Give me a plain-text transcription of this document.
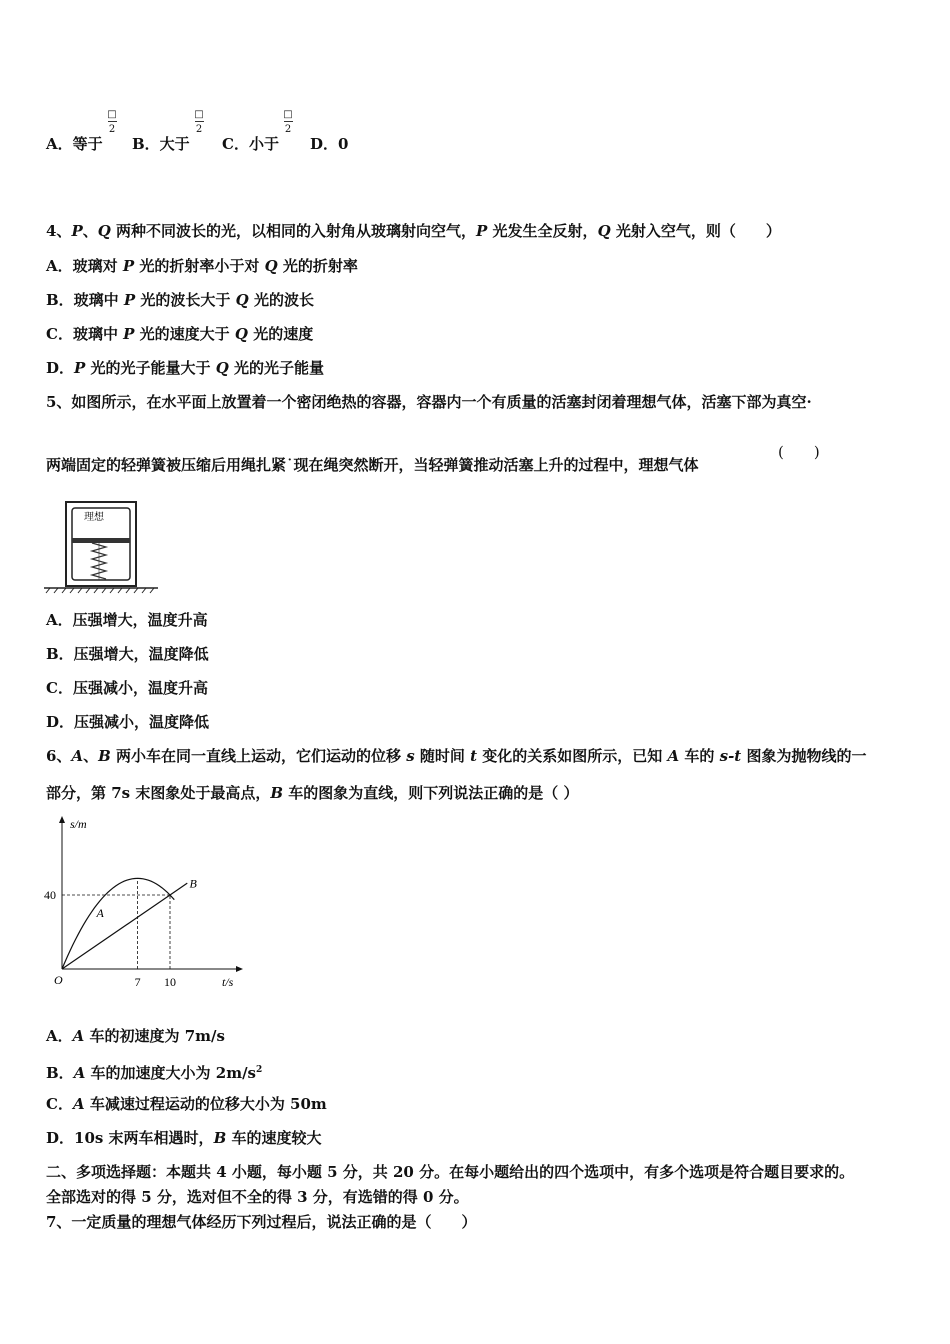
A．等于
□
2
B．大于
□
2
C．小于
□
2
D．0
4、P、Q 两种不同波长的光，以相同的入射角从玻璃射向空气，P 光发生全反射，Q 光射入空气，则（　　）
A．玻璃对 P 光的折射率小于对 Q 光的折射率
B．玻璃中 P 光的波长大于 Q 光的波长
C．玻璃中 P 光的速度大于 Q 光的速度
D．P 光的光子能量大于 Q 光的光子能量
5、如图所示，在水平面上放置着一个密闭绝热的容器，容器内一个有质量的活塞封闭着理想气体，活塞下部为真空·
两端固定的轻弹簧被压缩后用绳扎紧˙现在绳突然断开，当轻弹簧推动活塞上升的过程中，理想气体
(　　)
理想
A．压强增大，温度升高
B．压强增大，温度降低
C．压强减小，温度升高
D．压强减小，温度降低
6、A、B 两小车在同一直线上运动，它们运动的位移 s 随时间 t 变化的关系如图所示，已知 A 车的 s-t 图象为抛物线的一
部分，第 7s 末图象处于最高点，B 车的图象为直线，则下列说法正确的是（ ）
s/m
t/s
O
40
7 10
A
B
A．A 车的初速度为 7m/s
B．A 车的加速度大小为 $2m/s^2$
C．A 车减速过程运动的位移大小为 50m
D．10s 末两车相遇时，B 车的速度较大
二、多项选择题：本题共 4 小题，每小题 5 分，共 20 分。在每小题给出的四个选项中，有多个选项是符合题目要求的。
全部选对的得 5 分，选对但不全的得 3 分，有选错的得 0 分。
7、一定质量的理想气体经历下列过程后，说法正确的是（　　）
